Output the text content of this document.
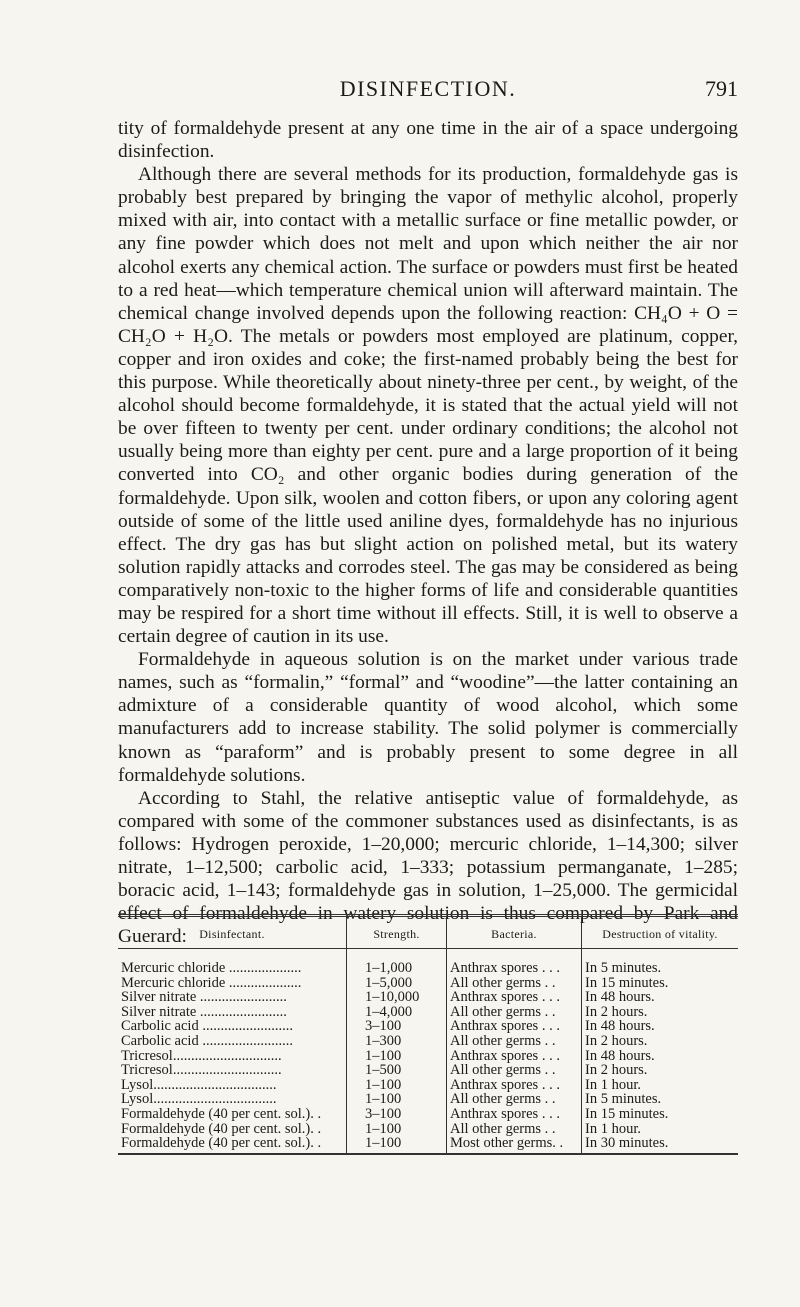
DISINFECTION.	791

tity of formaldehyde present at any one time in the air of a space undergoing disinfection.

Although there are several methods for its production, formaldehyde gas is probably best prepared by bringing the vapor of methylic alcohol, properly mixed with air, into contact with a metallic surface or fine metallic powder, or any fine powder which does not melt and upon which neither the air nor alcohol exerts any chemical action. The surface or powders must first be heated to a red heat—which temperature chemical union will afterward maintain. The chemical change involved depends upon the following reaction: CH₄O + O = CH₂O + H₂O. The metals or powders most employed are platinum, copper, copper and iron oxides and coke; the first-named probably being the best for this purpose. While theoretically about ninety-three per cent., by weight, of the alcohol should become formaldehyde, it is stated that the actual yield will not be over fifteen to twenty per cent. under ordinary conditions; the alcohol not usually being more than eighty per cent. pure and a large proportion of it being converted into CO₂ and other organic bodies during generation of the formaldehyde. Upon silk, woolen and cotton fibers, or upon any coloring agent outside of some of the little used aniline dyes, formaldehyde has no injurious effect. The dry gas has but slight action on polished metal, but its watery solution rapidly attacks and corrodes steel. The gas may be considered as being comparatively non-toxic to the higher forms of life and considerable quantities may be respired for a short time without ill effects. Still, it is well to observe a certain degree of caution in its use.

Formaldehyde in aqueous solution is on the market under various trade names, such as “formalin,” “formal” and “woodine”—the latter containing an admixture of a considerable quantity of wood alcohol, which some manufacturers add to increase stability. The solid polymer is commercially known as “paraform” and is probably present to some degree in all formaldehyde solutions.

According to Stahl, the relative antiseptic value of formaldehyde, as compared with some of the commoner substances used as disinfectants, is as follows: Hydrogen peroxide, 1–20,000; mercuric chloride, 1–14,300; silver nitrate, 1–12,500; carbolic acid, 1–333; potassium permanganate, 1–285; boracic acid, 1–143; formaldehyde gas in solution, 1–25,000. The germicidal effect of formaldehyde in watery solution is thus compared by Park and Guerard:	Disinfectant.	Strength.	Bacteria.	Destruction of vitality.
Mercuric chloride ....................	1–1,000	Anthrax spores . . .	In 5 minutes.
Mercuric chloride ....................	1–5,000	All other germs . .	In 15 minutes.
Silver nitrate ........................	1–10,000	Anthrax spores . . .	In 48 hours.
Silver nitrate ........................	1–4,000	All other germs . .	In 2 hours.
Carbolic acid .........................	3–100	Anthrax spores . . .	In 48 hours.
Carbolic acid .........................	1–300	All other germs . .	In 2 hours.
Tricresol..............................	1–100	Anthrax spores . . .	In 48 hours.
Tricresol..............................	1–500	All other germs . .	In 2 hours.
Lysol..................................	1–100	Anthrax spores . . .	In 1 hour.
Lysol..................................	1–100	All other germs . .	In 5 minutes.
Formaldehyde (40 per cent. sol.). .	3–100	Anthrax spores . . .	In 15 minutes.
Formaldehyde (40 per cent. sol.). .	1–100	All other germs . .	In 1 hour.
Formaldehyde (40 per cent. sol.). .	1–100	Most other germs. .	In 30 minutes.
